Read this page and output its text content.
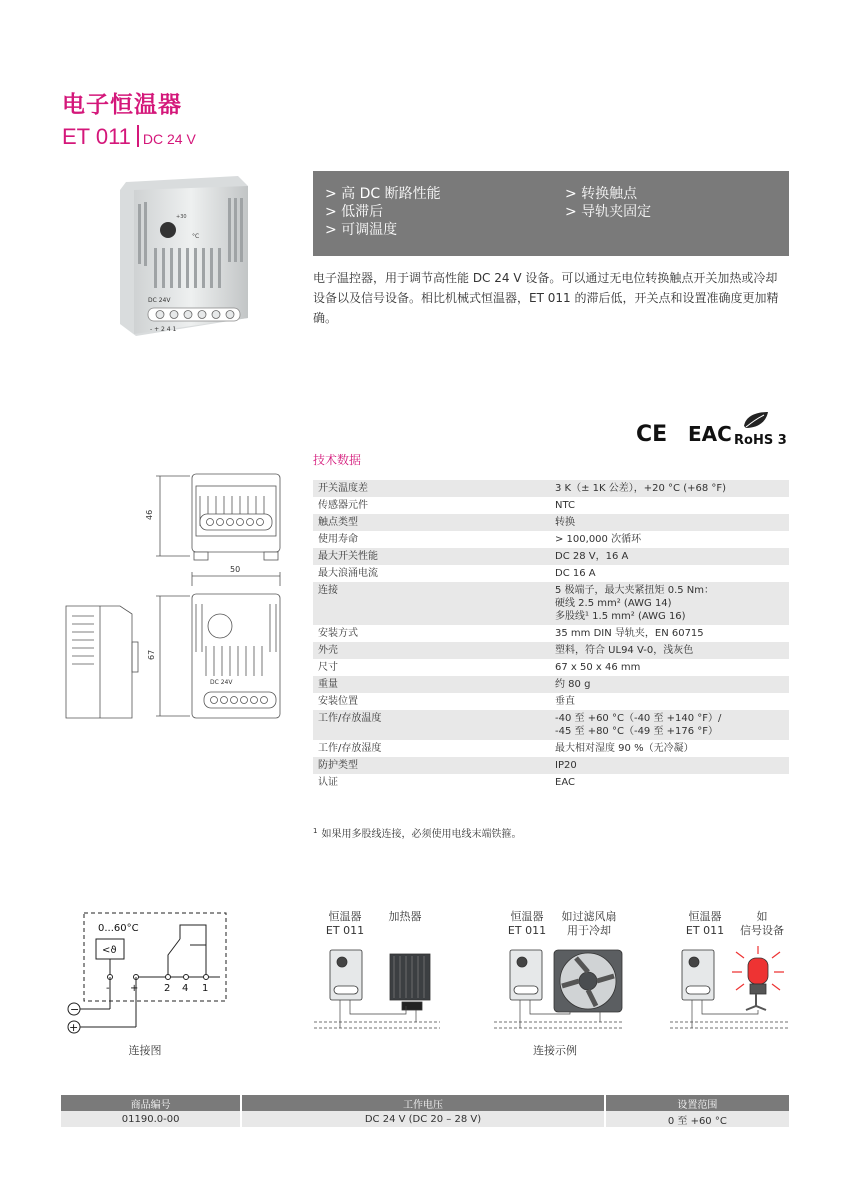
电子恒温器
ET 011 DC 24 V
+30
°C
DC 24V
- + 2 4 1
> 高 DC 断路性能
> 低滞后
> 可调温度
> 转换触点
> 导轨夹固定
电子温控器，用于调节高性能 DC 24 V 设备。可以通过无电位转换触点开关加热或冷却设备以及信号设备。相比机械式恒温器，ET 011 的滞后低，开关点和设置准确度更加精确。
CE EAC RoHS 3
46
50
67
DC 24V
技术数据
开关温度差	3 K（± 1K 公差），+20 °C (+68 °F)

传感器元件	NTC

触点类型	转换

使用寿命	> 100,000 次循环

最大开关性能	DC 28 V，16 A

最大浪涌电流	DC 16 A

连接	5 极端子，最大夹紧扭矩 0.5 Nm：
硬线 2.5 mm² (AWG 14)
多股线¹ 1.5 mm² (AWG 16)

安装方式	35 mm DIN 导轨夹，EN 60715

外壳	塑料，符合 UL94 V-0，浅灰色

尺寸	67 x 50 x 46 mm

重量	约 80 g

安装位置	垂直

工作/存放温度	-40 至 +60 °C（-40 至 +140 °F）/
-45 至 +80 °C（-49 至 +176 °F）

工作/存放湿度	最大相对湿度 90 %（无冷凝）

防护类型	IP20

认证	EAC
$^1$ 如果用多股线连接，必须使用电线末端铁箍。
0...60°C
<ϑ
- +	2 4 1
−
+
连接图
恒温器
ET 011
加热器	恒温器
ET 011
如过滤风扇
用于冷却
连接示例
恒温器
ET 011
如
信号设备
商品编号	工作电压	设置范围
01190.0-00	DC 24 V (DC 20 – 28 V)	0 至 +60 °C
